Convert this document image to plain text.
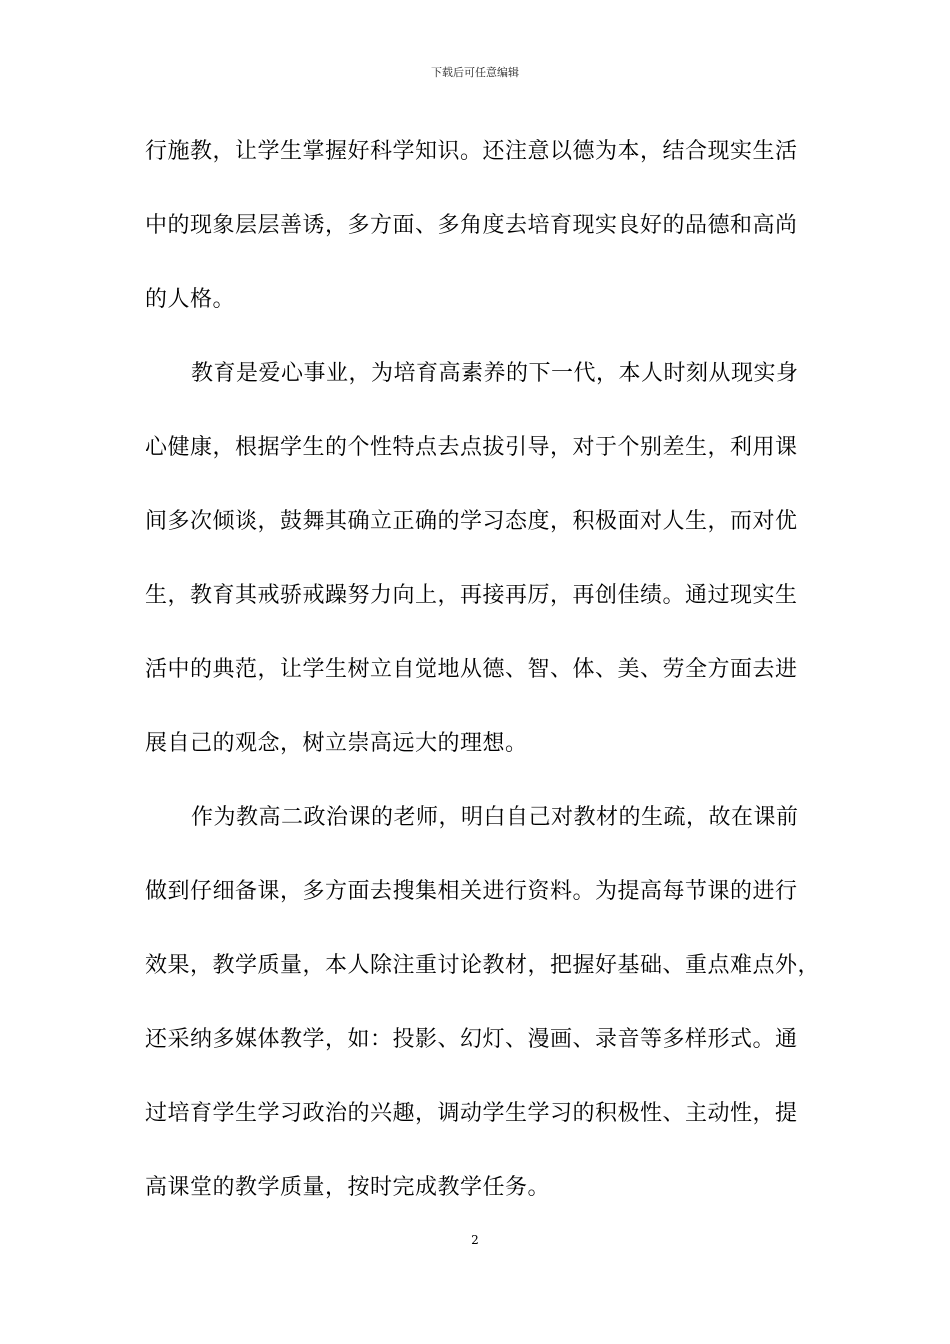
下载后可任意编辑
行施教，让学生掌握好科学知识。还注意以德为本，结合现实生活
中的现象层层善诱，多方面、多角度去培育现实良好的品德和高尚
的人格。
教育是爱心事业，为培育高素养的下一代，本人时刻从现实身
心健康，根据学生的个性特点去点拔引导，对于个别差生，利用课
间多次倾谈，鼓舞其确立正确的学习态度，积极面对人生，而对优
生，教育其戒骄戒躁努力向上，再接再厉，再创佳绩。通过现实生
活中的典范，让学生树立自觉地从德、智、体、美、劳全方面去进
展自己的观念，树立崇高远大的理想。
作为教高二政治课的老师，明白自己对教材的生疏，故在课前
做到仔细备课，多方面去搜集相关进行资料。为提高每节课的进行
效果，教学质量，本人除注重讨论教材，把握好基础、重点难点外，
还采纳多媒体教学，如：投影、幻灯、漫画、录音等多样形式。通
过培育学生学习政治的兴趣，调动学生学习的积极性、主动性，提
高课堂的教学质量，按时完成教学任务。
2
